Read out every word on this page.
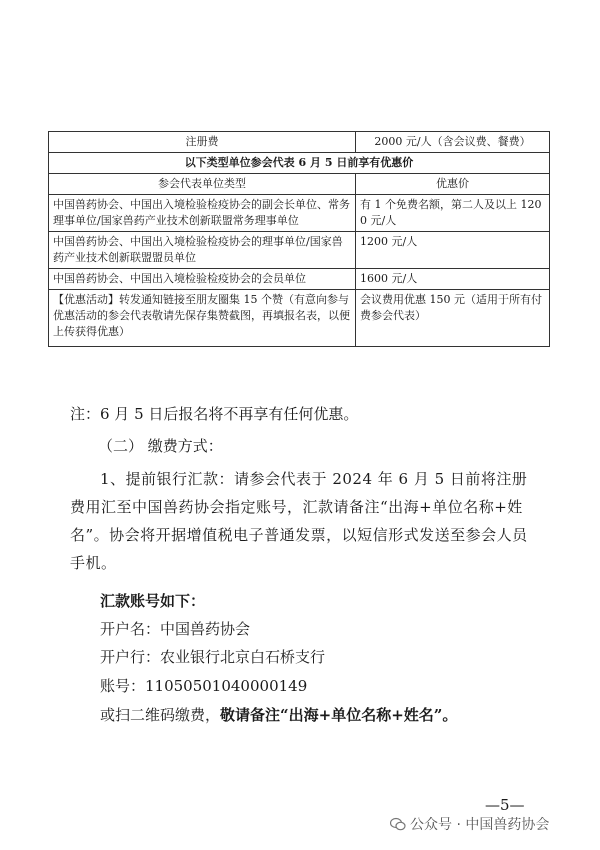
注册费	2000 元/人（含会议费、餐费）
以下类型单位参会代表 6 月 5 日前享有优惠价	
参会代表单位类型	优惠价
中国兽药协会、中国出入境检验检疫协会的副会长单位、常务理事单位/国家兽药产业技术创新联盟常务理事单位	有 1 个免费名额，第二人及以上 1200 元/人
中国兽药协会、中国出入境检验检疫协会的理事单位/国家兽药产业技术创新联盟盟员单位	1200 元/人
中国兽药协会、中国出入境检验检疫协会的会员单位	1600 元/人
【优惠活动】转发通知链接至朋友圈集 15 个赞（有意向参与优惠活动的参会代表敬请先保存集赞截图，再填报名表，以便上传获得优惠）	会议费用优惠 150 元（适用于所有付费参会代表）
注：6 月 5 日后报名将不再享有任何优惠。
（二） 缴费方式：
1、提前银行汇款：请参会代表于 2024 年 6 月 5 日前将注册费用汇至中国兽药协会指定账号，汇款请备注“出海+单位名称+姓名”。协会将开据增值税电子普通发票，以短信形式发送至参会人员手机。
汇款账号如下：
开户名：中国兽药协会
开户行：农业银行北京白石桥支行
账号：11050501040000149
或扫二维码缴费，敬请备注“出海+单位名称+姓名”。
—5—
公众号 · 中国兽药协会
